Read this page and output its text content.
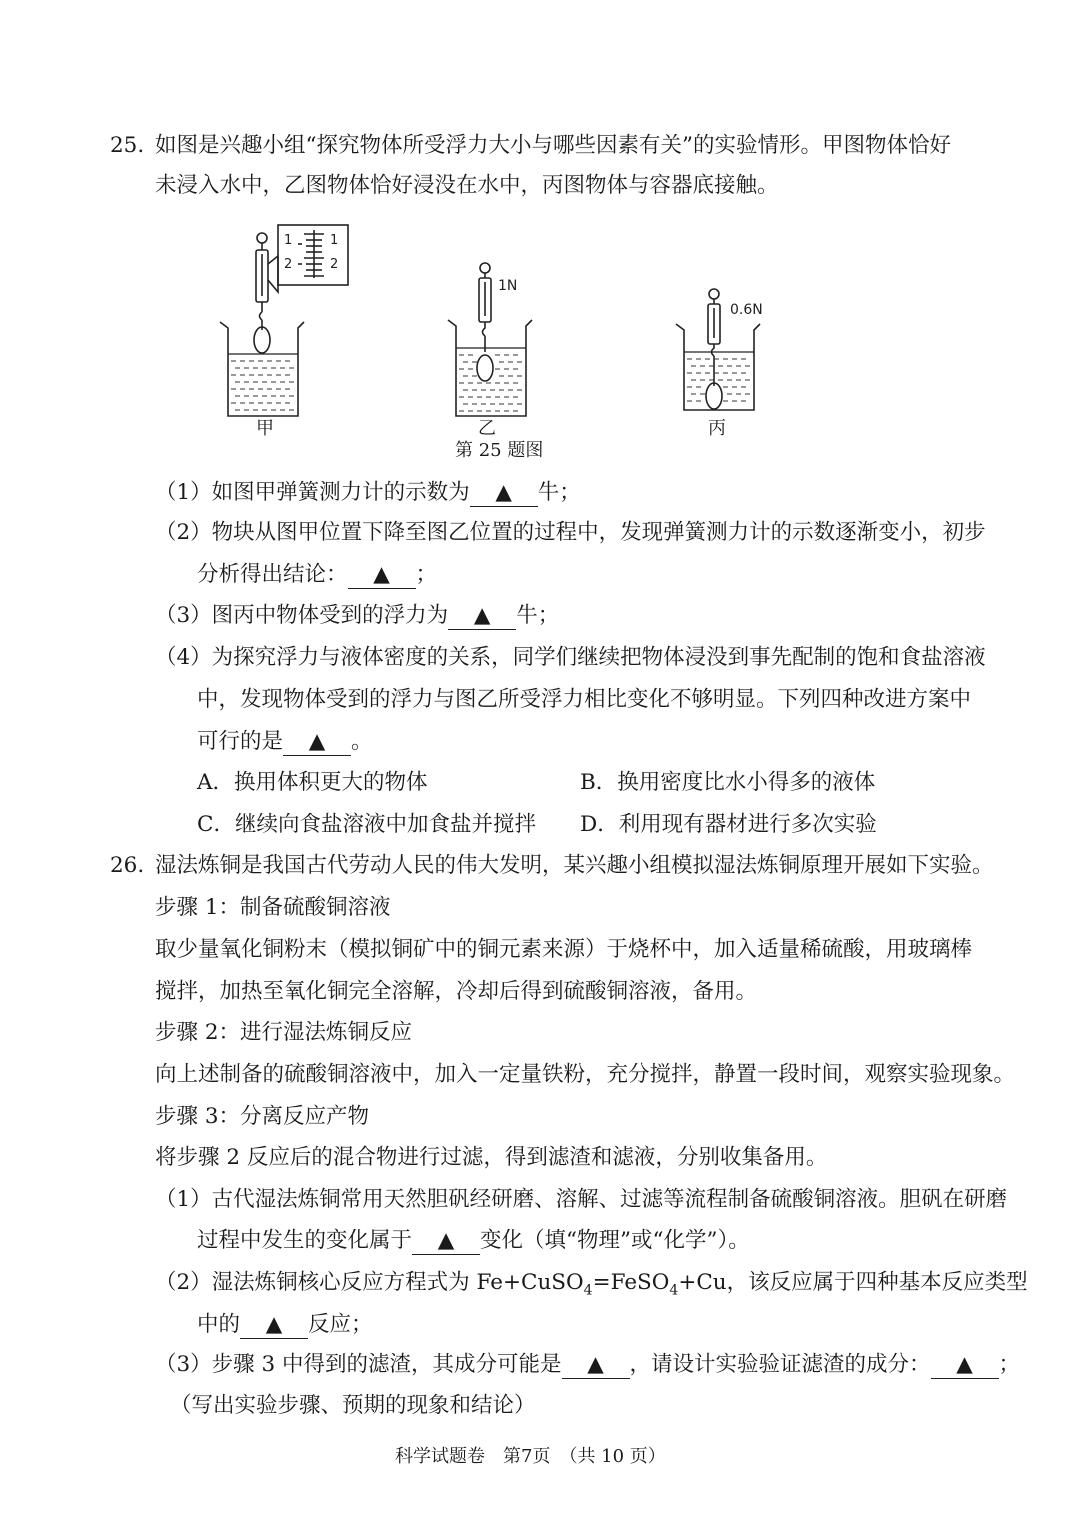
25. 如图是兴趣小组“探究物体所受浮力大小与哪些因素有关”的实验情形。甲图物体恰好
未浸入水中，乙图物体恰好浸没在水中，丙图物体与容器底接触。
1
2
1
2
1N
0.6N
甲	乙	丙
第 25 题图
（1）如图甲弹簧测力计的示数为 ▲ 牛；
（2）物块从图甲位置下降至图乙位置的过程中，发现弹簧测力计的示数逐渐变小，初步
分析得出结论： ▲ ；
（3）图丙中物体受到的浮力为 ▲ 牛；
（4）为探究浮力与液体密度的关系，同学们继续把物体浸没到事先配制的饱和食盐溶液
中，发现物体受到的浮力与图乙所受浮力相比变化不够明显。下列四种改进方案中
可行的是 ▲ 。
A．换用体积更大的物体	B．换用密度比水小得多的液体
C．继续向食盐溶液中加食盐并搅拌 D．利用现有器材进行多次实验
26. 湿法炼铜是我国古代劳动人民的伟大发明，某兴趣小组模拟湿法炼铜原理开展如下实验。
步骤 1：制备硫酸铜溶液
取少量氧化铜粉末（模拟铜矿中的铜元素来源）于烧杯中，加入适量稀硫酸，用玻璃棒
搅拌，加热至氧化铜完全溶解，冷却后得到硫酸铜溶液，备用。
步骤 2：进行湿法炼铜反应
向上述制备的硫酸铜溶液中，加入一定量铁粉，充分搅拌，静置一段时间，观察实验现象。
步骤 3：分离反应产物
将步骤 2 反应后的混合物进行过滤，得到滤渣和滤液，分别收集备用。
（1）古代湿法炼铜常用天然胆矾经研磨、溶解、过滤等流程制备硫酸铜溶液。胆矾在研磨
过程中发生的变化属于 ▲ 变化（填“物理”或“化学”）。
（2）湿法炼铜核心反应方程式为 Fe+CuSO$_4$=FeSO$_4$+Cu，该反应属于四种基本反应类型
中的 ▲ 反应；
（3）步骤 3 中得到的滤渣，其成分可能是 ▲ ，请设计实验验证滤渣的成分： ▲ ；
（写出实验步骤、预期的现象和结论）
科学试题卷　第7页　（共 10 页）
